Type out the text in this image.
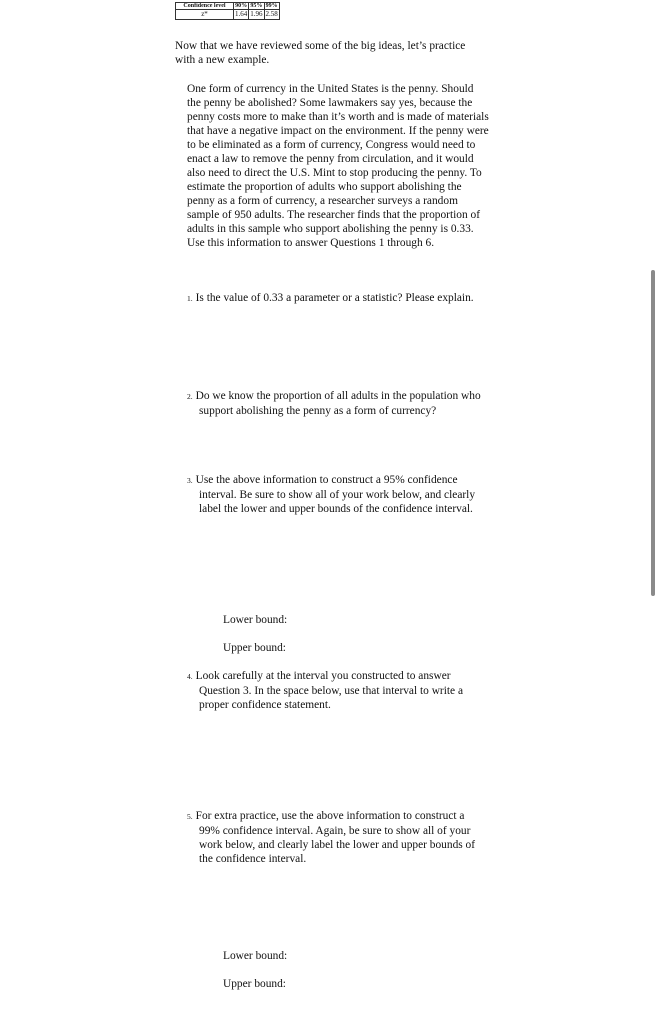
Confidence level	90%	95%	99%
z*	1.64	1.96	2.58

Now that we have reviewed some of the big ideas, let’s practice with a new example.

One form of currency in the United States is the penny. Should the penny be abolished? Some lawmakers say yes, because the penny costs more to make than it’s worth and is made of materials that have a negative impact on the environment. If the penny were to be eliminated as a form of currency, Congress would need to enact a law to remove the penny from circulation, and it would also need to direct the U.S. Mint to stop producing the penny. To estimate the proportion of adults who support abolishing the penny as a form of currency, a researcher surveys a random sample of 950 adults. The researcher finds that the proportion of adults in this sample who support abolishing the penny is 0.33. Use this information to answer Questions 1 through 6.

1. Is the value of 0.33 a parameter or a statistic? Please explain.
2. Do we know the proportion of all adults in the population who support abolishing the penny as a form of currency?
3. Use the above information to construct a 95% confidence interval. Be sure to show all of your work below, and clearly label the lower and upper bounds of the confidence interval.

Lower bound:

Upper bound:

4. Look carefully at the interval you constructed to answer Question 3. In the space below, use that interval to write a proper confidence statement.
5. For extra practice, use the above information to construct a 99% confidence interval. Again, be sure to show all of your work below, and clearly label the lower and upper bounds of the confidence interval.

Lower bound:

Upper bound:
